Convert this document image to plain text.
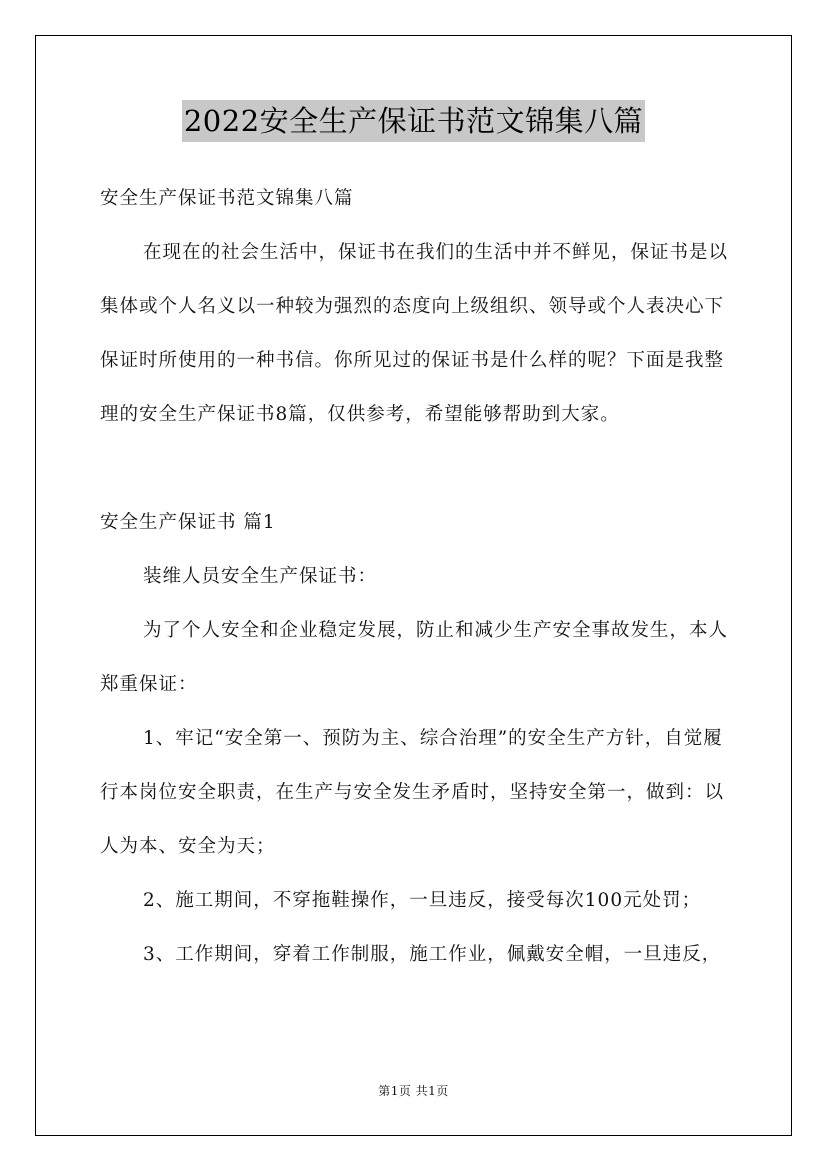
2022安全生产保证书范文锦集八篇

安全生产保证书范文锦集八篇

在现在的社会生活中，保证书在我们的生活中并不鲜见，保证书是以集体或个人名义以一种较为强烈的态度向上级组织、领导或个人表决心下保证时所使用的一种书信。你所见过的保证书是什么样的呢？下面是我整理的安全生产保证书8篇，仅供参考，希望能够帮助到大家。

安全生产保证书 篇1

装维人员安全生产保证书：

为了个人安全和企业稳定发展，防止和减少生产安全事故发生，本人郑重保证：

1、牢记“安全第一、预防为主、综合治理”的安全生产方针，自觉履行本岗位安全职责，在生产与安全发生矛盾时，坚持安全第一，做到：以人为本、安全为天；

2、施工期间，不穿拖鞋操作，一旦违反，接受每次100元处罚；

3、工作期间，穿着工作制服，施工作业，佩戴安全帽，一旦违反，

第1页 共1页
